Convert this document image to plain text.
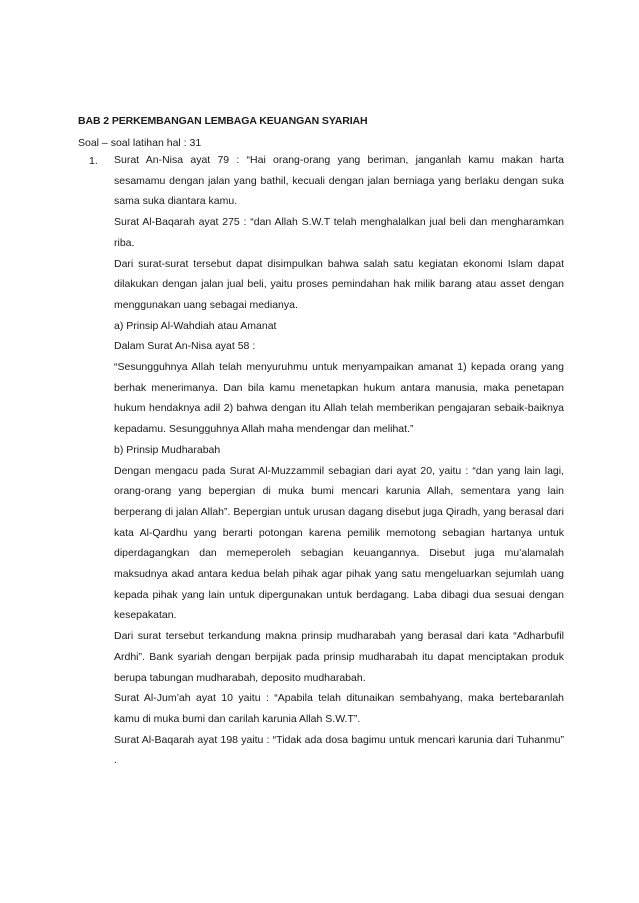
BAB 2 PERKEMBANGAN LEMBAGA KEUANGAN SYARIAH
Soal – soal latihan hal : 31
1. Surat An-Nisa ayat 79 : “Hai orang-orang yang beriman, janganlah kamu makan harta sesamamu dengan jalan yang bathil, kecuali dengan jalan berniaga yang berlaku dengan suka sama suka diantara kamu.

Surat Al-Baqarah ayat 275 : “dan Allah S.W.T telah menghalalkan jual beli dan mengharamkan riba.

Dari surat-surat tersebut dapat disimpulkan bahwa salah satu kegiatan ekonomi Islam dapat dilakukan dengan jalan jual beli, yaitu proses pemindahan hak milik barang atau asset dengan menggunakan uang sebagai medianya.

a) Prinsip Al-Wahdiah atau Amanat

Dalam Surat An-Nisa ayat 58 :

“Sesungguhnya Allah telah menyuruhmu untuk menyampaikan amanat 1) kepada orang yang berhak menerimanya. Dan bila kamu menetapkan hukum antara manusia, maka penetapan hukum hendaknya adil 2) bahwa dengan itu Allah telah memberikan pengajaran sebaik-baiknya kepadamu. Sesungguhnya Allah maha mendengar dan melihat.”

b) Prinsip Mudharabah

Dengan mengacu pada Surat Al-Muzzammil sebagian dari ayat 20, yaitu : “dan yang lain lagi, orang-orang yang bepergian di muka bumi mencari karunia Allah, sementara yang lain berperang di jalan Allah”. Bepergian untuk urusan dagang disebut juga Qiradh, yang berasal dari kata Al-Qardhu yang berarti potongan karena pemilik memotong sebagian hartanya untuk diperdagangkan dan memeperoleh sebagian keuangannya. Disebut juga mu’alamalah maksudnya akad antara kedua belah pihak agar pihak yang satu mengeluarkan sejumlah uang kepada pihak yang lain untuk dipergunakan untuk berdagang. Laba dibagi dua sesuai dengan kesepakatan.

Dari surat tersebut terkandung makna prinsip mudharabah yang berasal dari kata “Adharbufil Ardhi”. Bank syariah dengan berpijak pada prinsip mudharabah itu dapat menciptakan produk berupa tabungan mudharabah, deposito mudharabah.

Surat Al-Jum’ah ayat 10 yaitu : “Apabila telah ditunaikan sembahyang, maka bertebaranlah kamu di muka bumi dan carilah karunia Allah S.W.T”.

Surat Al-Baqarah ayat 198 yaitu : “Tidak ada dosa bagimu untuk mencari karunia dari Tuhanmu” .
